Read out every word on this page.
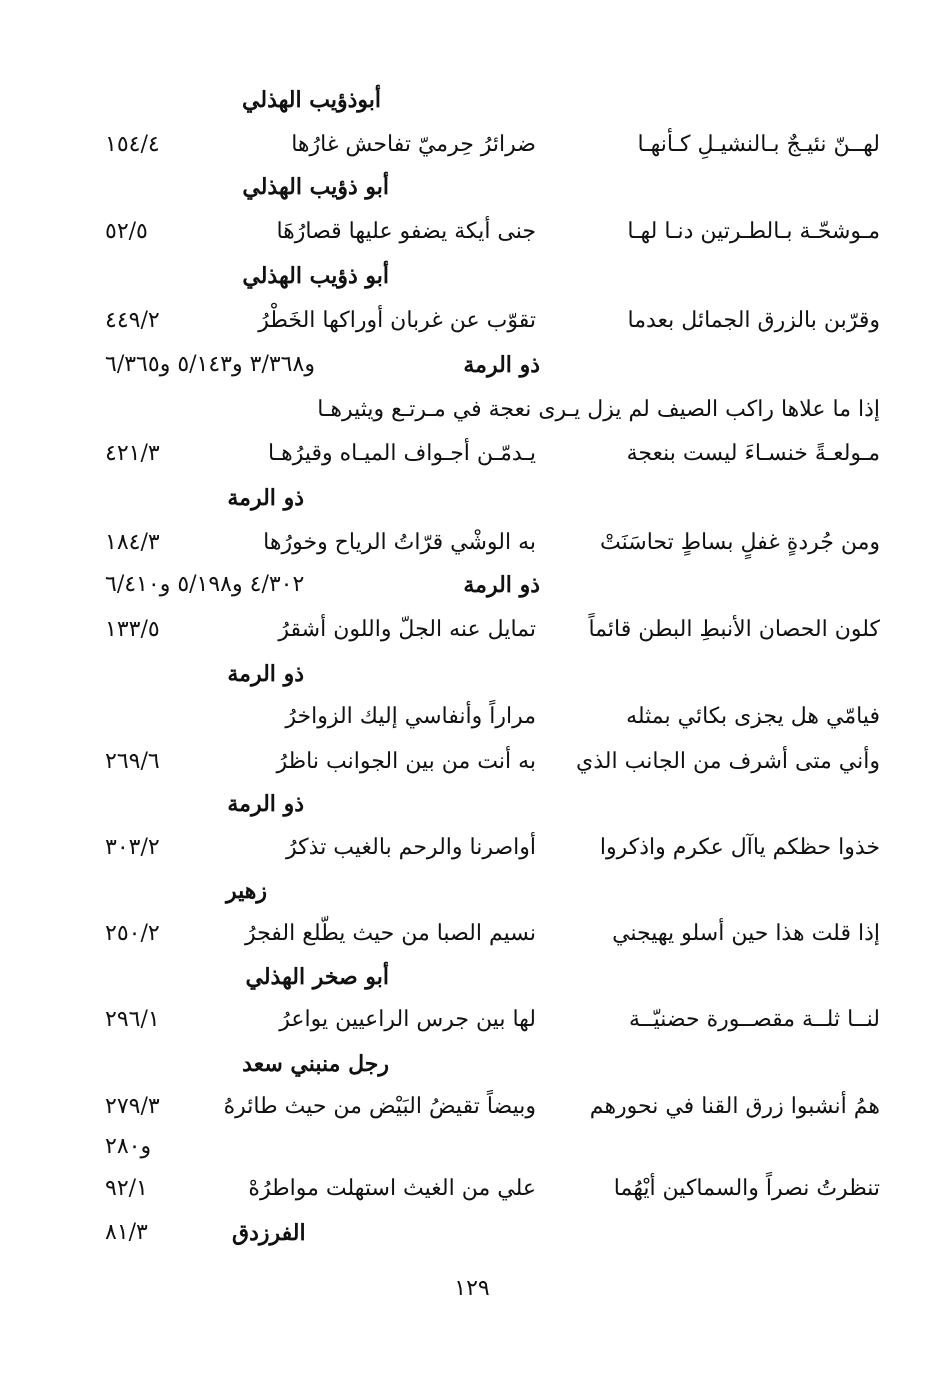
أبوذؤيب الهذلي
لهــنّ نئيـجٌ بـالنشيـلِ كـأنهـا
ضرائرُ حِرميّ تفاحش غارُها
١٥٤/٤
أبو ذؤيب الهذلي
مـوشحّـة بـالطـرتين دنـا لهـا
جنى أيكة يضفو عليها قصارُهَا
٥٢/٥
أبو ذؤيب الهذلي
وقرّبن بالزرق الجمائل بعدما
تقوّب عن غربان أوراكها الخَطْرُ
٤٤٩/٢
ذو الرمة
و٣/٣٦٨ و٥/١٤٣ و٦/٣٦٥
إذا ما علاها راكب الصيف لم يزل يـرى نعجة في مـرتـع ويثيرهـا
مـولعـةً خنسـاءَ ليست بنعجة
يـدمّـن أجـواف الميـاه وقيرُهـا
٤٢١/٣
ذو الرمة
ومن جُردةٍ غفلٍ بساطٍ تحاسَنَتْ
به الوشْي قرّاتُ الرياح وخورُها
١٨٤/٣
ذو الرمة
٤/٣٠٢ و٥/١٩٨ و٦/٤١٠
كلون الحصان الأنبطِ البطن قائماً
تمايل عنه الجلّ واللون أشقرُ
١٣٣/٥
ذو الرمة
فيامّي هل يجزى بكائي بمثله
مراراً وأنفاسي إليك الزواخرُ
وأني متى أشرف من الجانب الذي
به أنت من بين الجوانب ناظرُ
٢٦٩/٦
ذو الرمة
خذوا حظكم ياآل عكرم واذكروا
أواصرنا والرحم بالغيب تذكرُ
٣٠٣/٢
زهير
إذا قلت هذا حين أسلو يهيجني
نسيم الصبا من حيث يطّلع الفجرُ
٢٥٠/٢
أبو صخر الهذلي
لنــا ثلــة مقصــورة حضنيّــة
لها بين جرس الراعيين يواعرُ
٢٩٦/١
رجل منبني سعد
همُ أنشبوا زرق القنا في نحورهم
وبيضاً تقيضُ البَيْض من حيث طائرهُ
٢٧٩/٣
و٢٨٠
تنظرتُ نصراً والسماكين أيْهُما
علي من الغيث استهلت مواطرُهْ
٩٢/١
الفرزدق
٨١/٣
١٢٩
